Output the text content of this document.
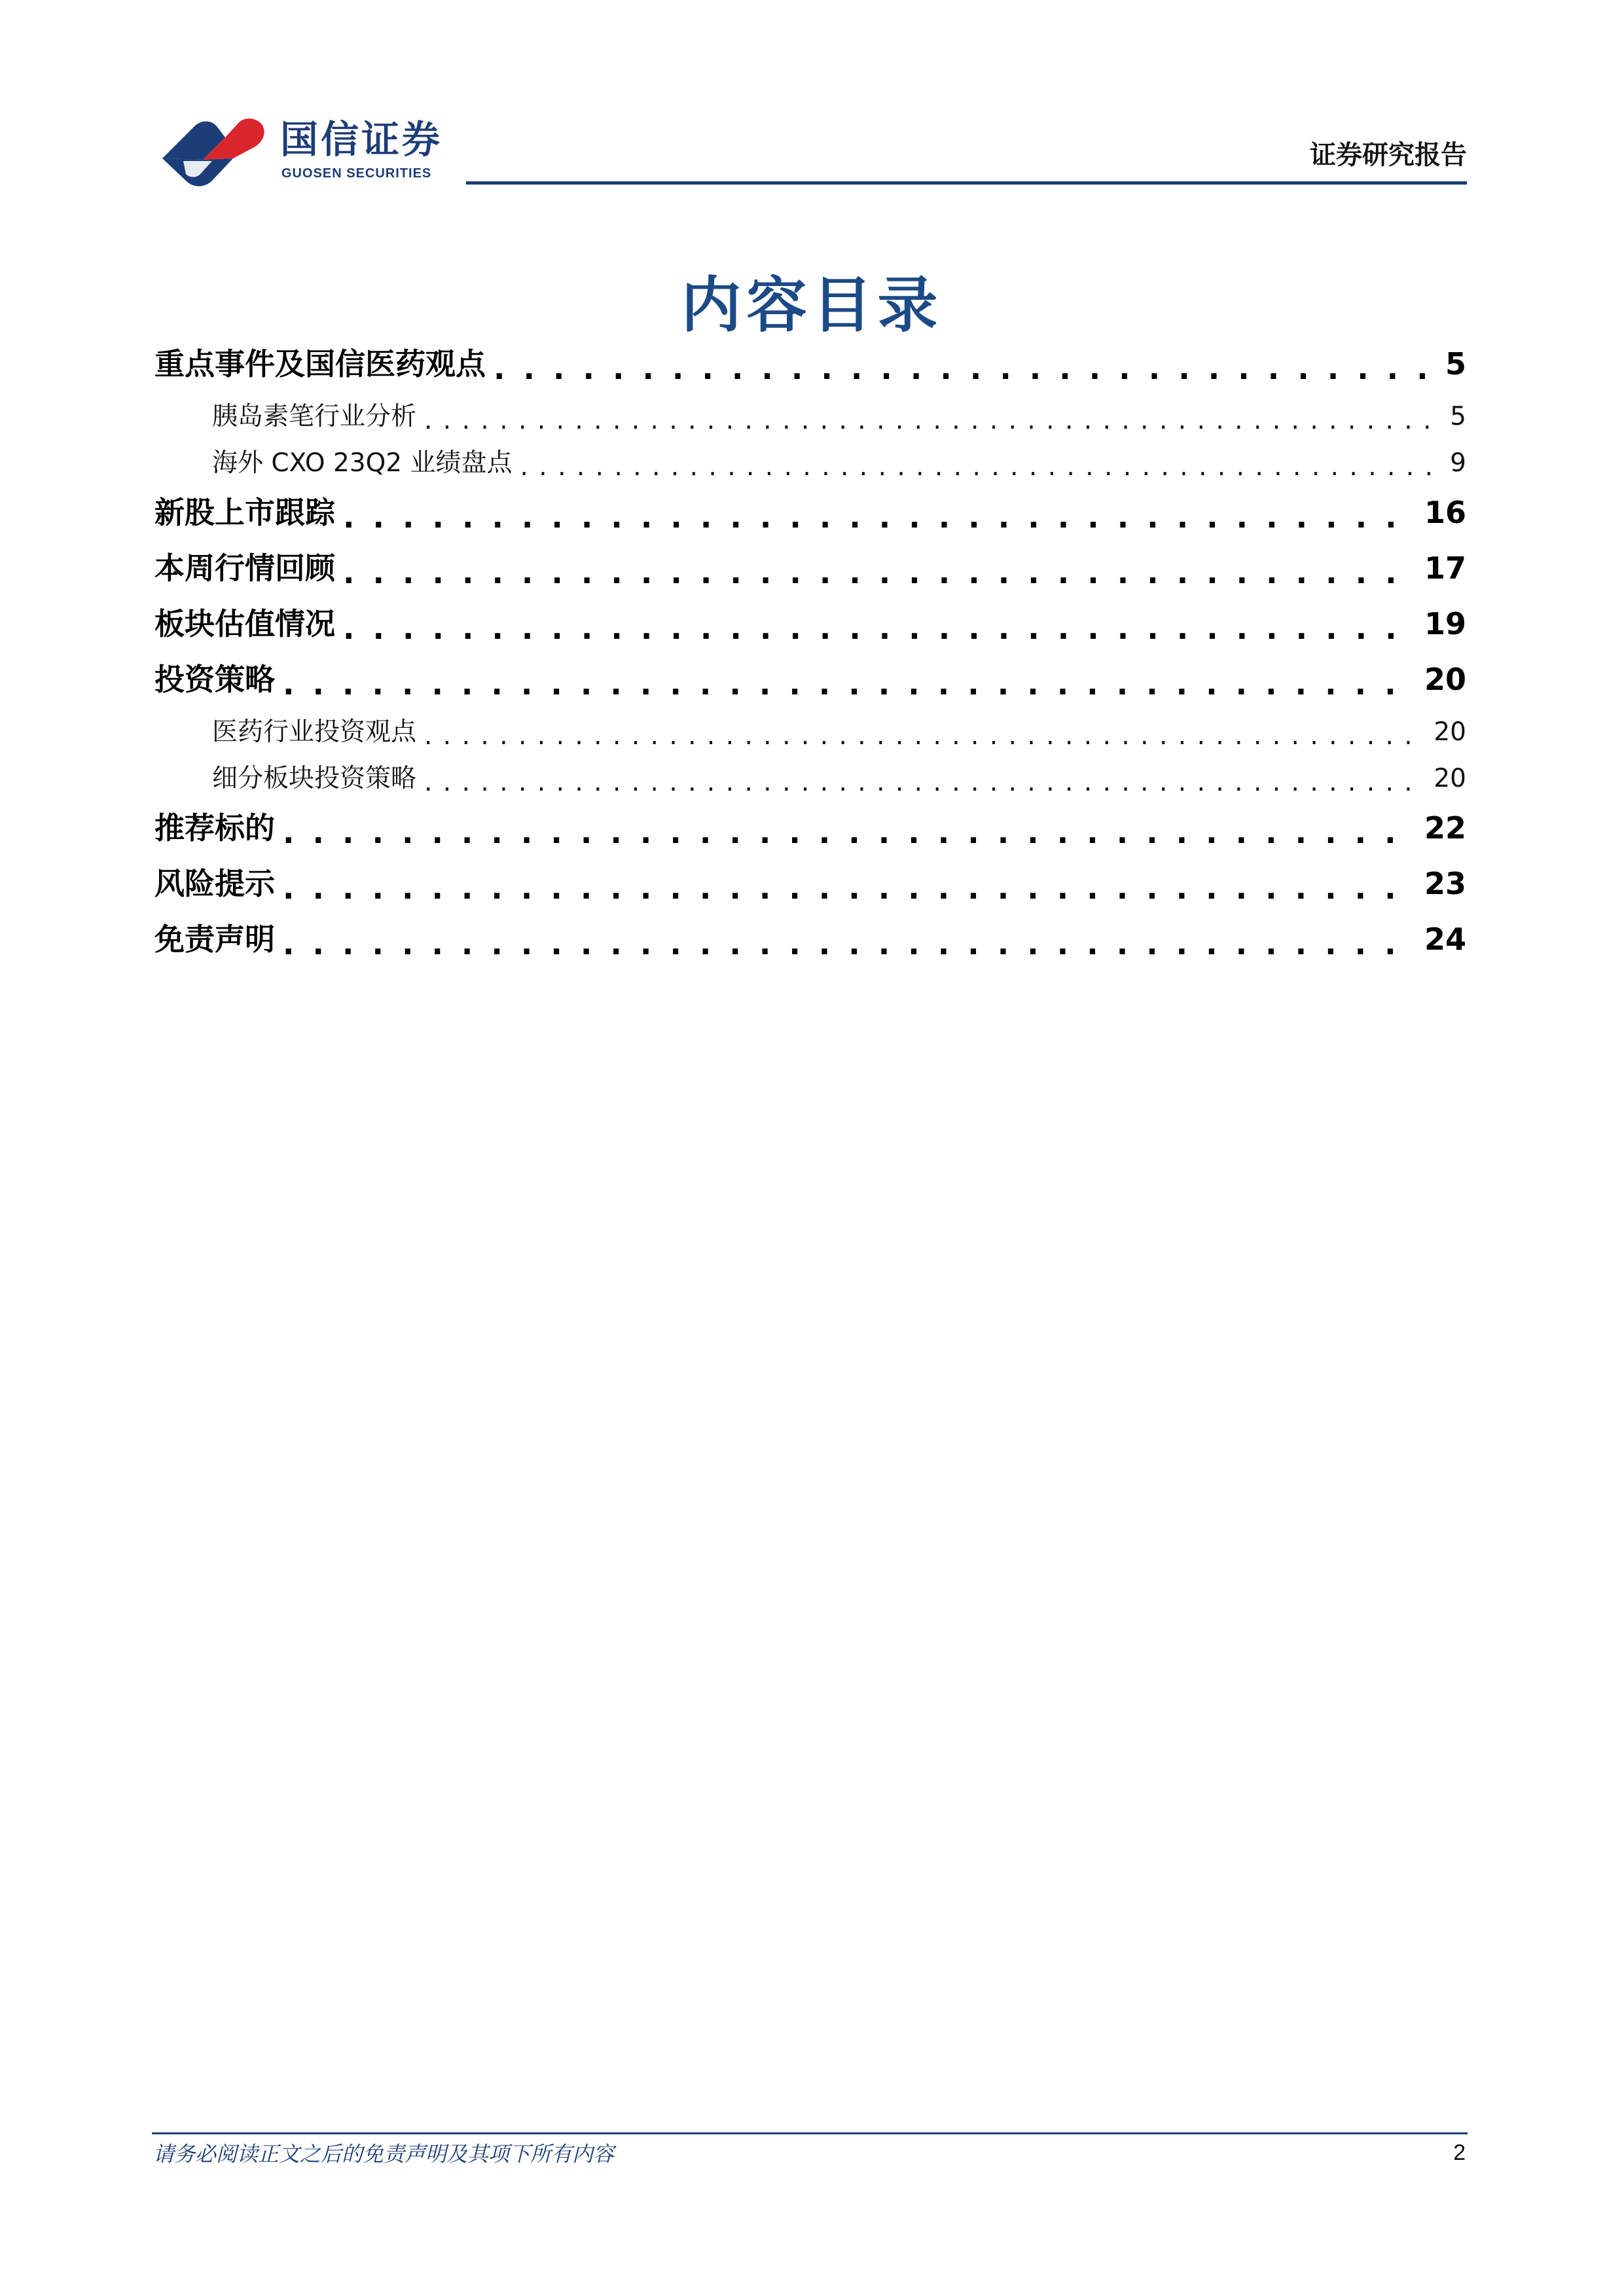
国信证券
GUOSEN SECURITIES
证券研究报告
内容目录
重点事件及国信医药观点 . . .	5
胰岛素笔行业分析 . . .	5
海外 CXO 23Q2 业绩盘点 . . .	9
新股上市跟踪 . . .	16
本周行情回顾 . . .	17
板块估值情况 . . .	19
投资策略 . . .	20
医药行业投资观点 . . .	20
细分板块投资策略 . . .	20
推荐标的 . . .	22
风险提示 . . .	23
免责声明 . . .	24
请务必阅读正文之后的免责声明及其项下所有内容	2
